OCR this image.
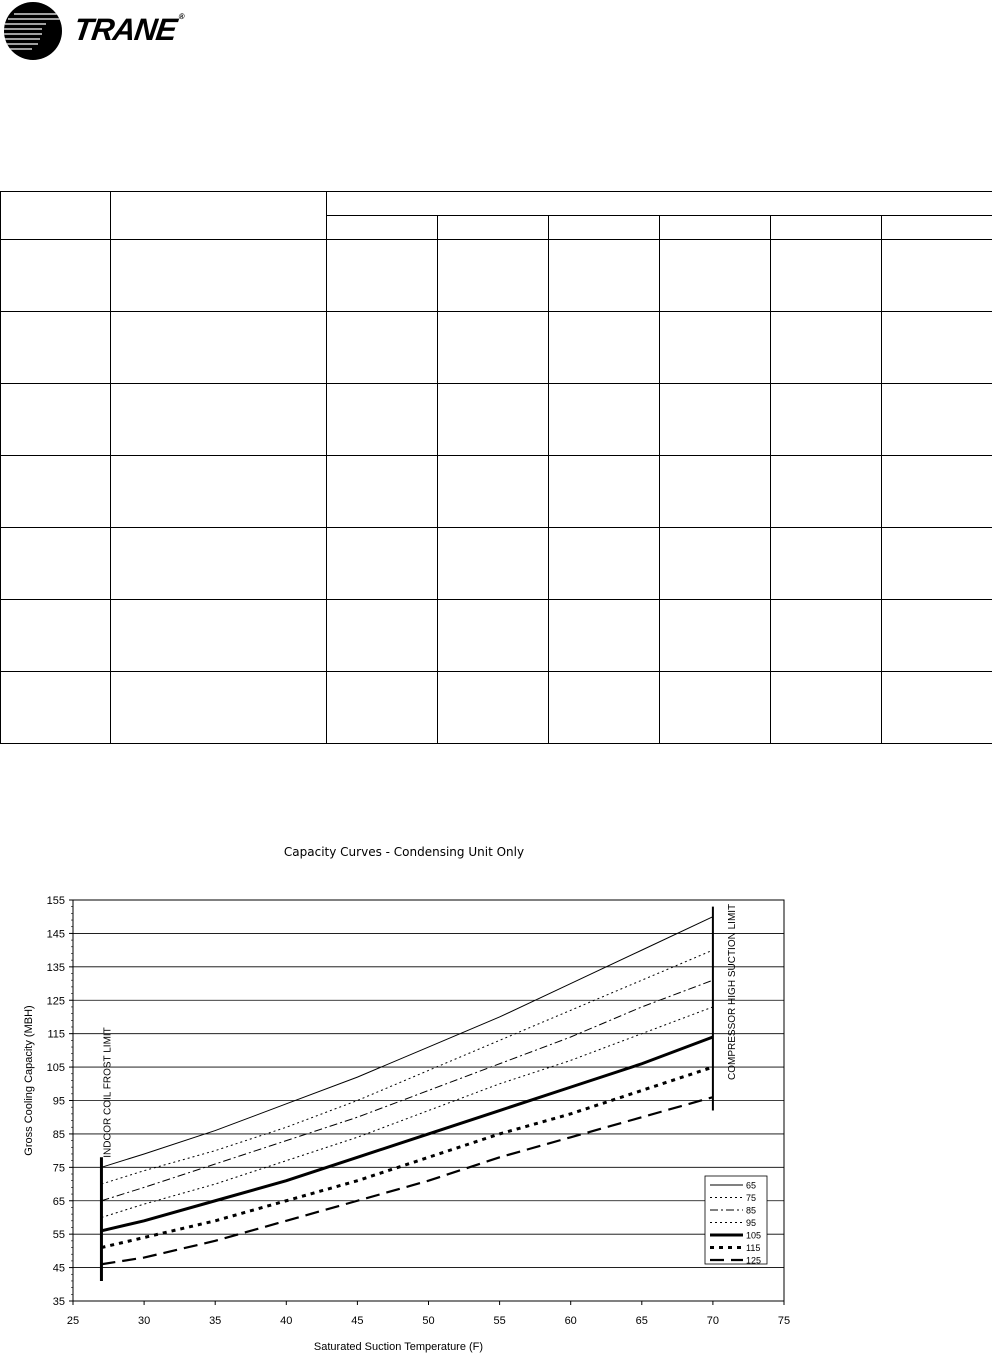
TRANE®

Capacity Curves - Condensing Unit Only
35
45
55
65
75
85
95
105
115
125
135
145
155
25	30	35	40	45	50	55	60	65	70	75
Saturated Suction Temperature (F)
Gross Cooling Capacity (MBH)	INDOOR COIL FROST LIMIT
COMPRESSOR HIGH SUCTION LIMIT
65
75
85
95
105
115
125
